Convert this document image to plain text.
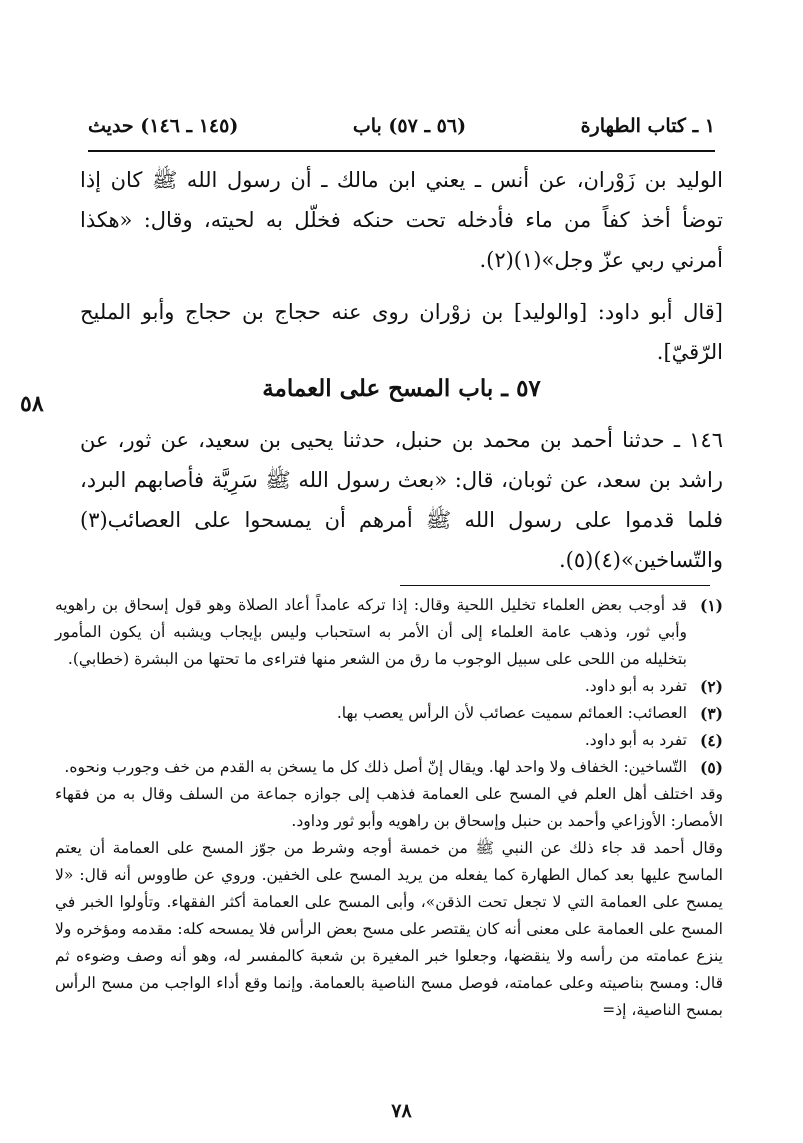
١ ـ كتاب الطهارة
(٥٦ ـ ٥٧) باب
(١٤٥ ـ ١٤٦) حديث

الوليد بن زَوْران، عن أنس ـ يعني ابن مالك ـ أن رسول الله ﷺ كان إذا توضأ أخذ كفاً من ماء فأدخله تحت حنكه فخلّل به لحيته، وقال: «هكذا أمرني ربي عزّ وجل»(١)(٢).

[قال أبو داود: [والوليد] بن زوْران روى عنه حجاج بن حجاج وأبو المليح الرّقيّ].

٥٨
٥٧ ـ باب المسح على العمامة

١٤٦ ـ حدثنا أحمد بن محمد بن حنبل، حدثنا يحيى بن سعيد، عن ثور، عن راشد بن سعد، عن ثوبان، قال: «بعث رسول الله ﷺ سَرِيَّة فأصابهم البرد، فلما قدموا على رسول الله ﷺ أمرهم أن يمسحوا على العصائب(٣) والتّساخين»(٤)(٥).

(١)
قد أوجب بعض العلماء تخليل اللحية وقال: إذا تركه عامداً أعاد الصلاة وهو قول إسحاق بن راهويه وأبي ثور، وذهب عامة العلماء إلى أن الأمر به استحباب وليس بإيجاب ويشبه أن يكون المأمور بتخليله من اللحى على سبيل الوجوب ما رق من الشعر منها فتراءى ما تحتها من البشرة (خطابي).
(٢)
تفرد به أبو داود.
(٣)
العصائب: العمائم سميت عصائب لأن الرأس يعصب بها.
(٤)
تفرد به أبو داود.
(٥)
التّساخين: الخفاف ولا واحد لها. ويقال إنّ أصل ذلك كل ما يسخن به القدم من خف وجورب ونحوه.

وقد اختلف أهل العلم في المسح على العمامة فذهب إلى جوازه جماعة من السلف وقال به من فقهاء الأمصار: الأوزاعي وأحمد بن حنبل وإسحاق بن راهويه وأبو ثور وداود.

وقال أحمد قد جاء ذلك عن النبي ﷺ من خمسة أوجه وشرط من جوّز المسح على العمامة أن يعتم الماسح عليها بعد كمال الطهارة كما يفعله من يريد المسح على الخفين. وروي عن طاووس أنه قال: «لا يمسح على العمامة التي لا تجعل تحت الذقن»، وأبى المسح على العمامة أكثر الفقهاء. وتأولوا الخبر في المسح على العمامة على معنى أنه كان يقتصر على مسح بعض الرأس فلا يمسحه كله: مقدمه ومؤخره ولا ينزع عمامته من رأسه ولا ينقضها، وجعلوا خبر المغيرة بن شعبة كالمفسر له، وهو أنه وصف وضوءه ثم قال: ومسح بناصيته وعلى عمامته، فوصل مسح الناصية بالعمامة. وإنما وقع أداء الواجب من مسح الرأس بمسح الناصية، إذ=

٧٨
